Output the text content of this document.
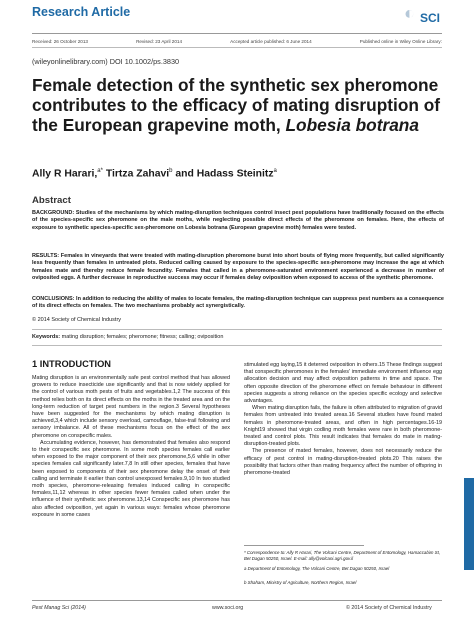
Research Article	◐ SCI
Received: 26 October 2013	Revised: 23 April 2014	Accepted article published: 6 June 2014	Published online in Wiley Online Library:
(wileyonlinelibrary.com) DOI 10.1002/ps.3830
Female detection of the synthetic sex pheromone contributes to the efficacy of mating disruption of the European grapevine moth, Lobesia botrana
Ally R Harari,$^{a*}$ Tirtza Zahavi$^b$ and Hadass Steinitz$^a$
Abstract
BACKGROUND: Studies of the mechanisms by which mating-disruption techniques control insect pest populations have traditionally focused on the effects of the species-specific sex pheromone on the male moths, while neglecting possible direct effects of the pheromone on females. Here, the effects of exposure to synthetic species-specific sex-pheromone on Lobesia botrana (European grapevine moth) females were tested.
RESULTS: Females in vineyards that were treated with mating-disruption pheromone burst into short bouts of flying more frequently, but called significantly less frequently than females in untreated plots. Reduced calling caused by exposure to the species-specific sex-pheromone may increase the age at which females mate and thereby reduce female fecundity. Females that called in a pheromone-saturated environment experienced a decrease in number of oviposited eggs. A further decrease in reproductive success may occur if females delay oviposition when exposed to access of the synthetic pheromone.
CONCLUSIONS: In addition to reducing the ability of males to locate females, the mating-disruption technique can suppress pest numbers as a consequence of its direct effects on females. The two mechanisms probably act synergistically.
© 2014 Society of Chemical Industry
Keywords: mating disruption; females; pheromone; fitness; calling; oviposition
1 INTRODUCTION

Mating disruption is an environmentally safe pest control method that has allowed growers to reduce insecticide use significantly and that is now widely applied for the control of various moth pests of fruits and vegetables.1,2 The success of this method relies both on its direct effects on the moths in the treated area and on the long-term reduction of target pest numbers in the region.3 Several hypotheses have been suggested for the mechanisms by which mating disruption is achieved,3,4 which include sensory overload, camouflage, false-trail following and sensory imbalance. All of these mechanisms focus on the effect of the sex pheromone on conspecific males.

Accumulating evidence, however, has demonstrated that females also respond to their conspecific sex pheromone. In some moth species females call earlier when exposed to the major component of their sex pheromone,5,6 while in other species females call significantly later.7,8 In still other species, females that have been exposed to components of their sex pheromone delay the onset of their calling and terminate it earlier than control unexposed females.9,10 In two studied moth species, pheromone-releasing females induced calling in conspecific females,11,12 whereas in other species fewer females called when under the influence of their synthetic sex pheromone.13,14 Conspecific sex pheromone has also affected oviposition, yet again in various ways: females whose pheromone exposure in some cases

stimulated egg laying,15 it deterred oviposition in others.15 These findings suggest that conspecific pheromones in the females' immediate environment influence egg allocation decision and may affect oviposition patterns in time and space. The often opposite direction of the pheromone effect on female behaviour in different species suggests a strong reliance on the species specific ecology and selective advantages.

When mating disruption fails, the failure is often attributed to migration of gravid females from untreated into treated areas.16 Several studies have found mated females in pheromone-treated areas, and often in high percentages.16-19 Knight19 showed that virgin codling moth females were rare in both pheromone-treated and control plots. This result indicates that females do mate in mating-disruption-treated plots.

The presence of mated females, however, does not necessarily reduce the efficacy of pest control in mating-disruption-treated plots.20 This raises the possibility that factors other than mating frequency affect the number of offspring in pheromone-treated

* Correspondence to: Ally R Harari, The Volcani Centre, Department of Entomology, Hamaccabim St, Bet Dagan 50250, Israel. E-mail: ally@volcani.agri.gov.il
a Department of Entomology, The Volcani Centre, Bet Dagan 50250, Israel
b Shaham, Ministry of Agriculture, Northern Region, Israel
Pest Manag Sci (2014)	www.soci.org	© 2014 Society of Chemical Industry
